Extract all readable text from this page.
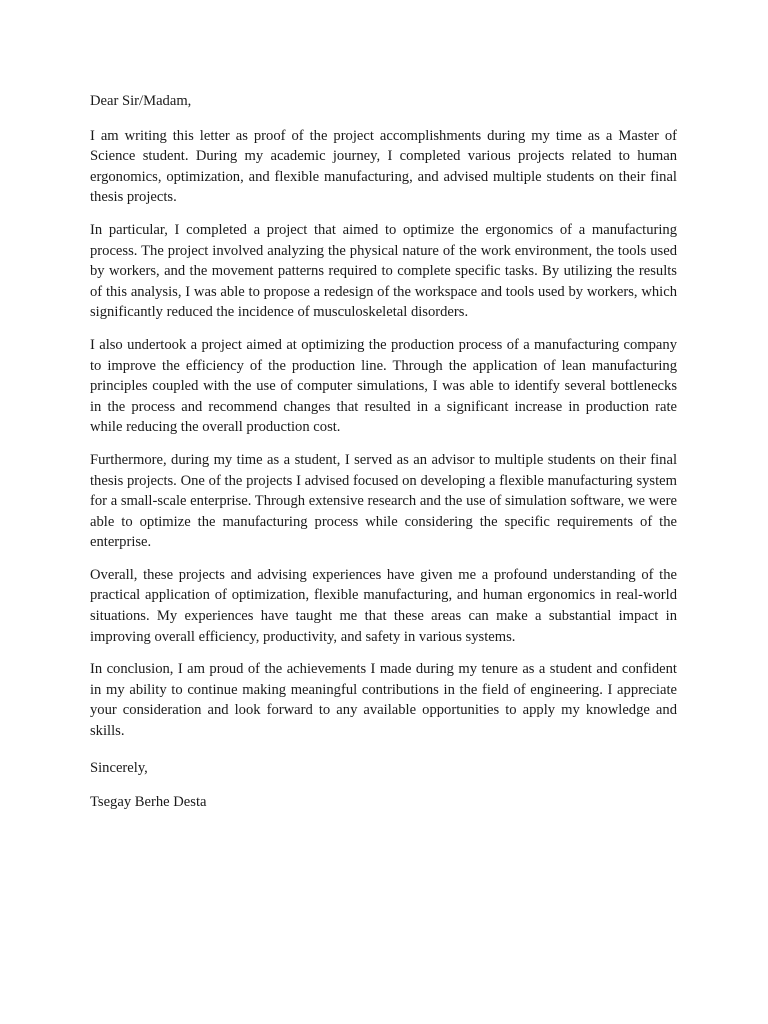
Dear Sir/Madam,

I am writing this letter as proof of the project accomplishments during my time as a Master of Science student. During my academic journey, I completed various projects related to human ergonomics, optimization, and flexible manufacturing, and advised multiple students on their final thesis projects.

In particular, I completed a project that aimed to optimize the ergonomics of a manufacturing process. The project involved analyzing the physical nature of the work environment, the tools used by workers, and the movement patterns required to complete specific tasks. By utilizing the results of this analysis, I was able to propose a redesign of the workspace and tools used by workers, which significantly reduced the incidence of musculoskeletal disorders.

I also undertook a project aimed at optimizing the production process of a manufacturing company to improve the efficiency of the production line. Through the application of lean manufacturing principles coupled with the use of computer simulations, I was able to identify several bottlenecks in the process and recommend changes that resulted in a significant increase in production rate while reducing the overall production cost.

Furthermore, during my time as a student, I served as an advisor to multiple students on their final thesis projects. One of the projects I advised focused on developing a flexible manufacturing system for a small-scale enterprise. Through extensive research and the use of simulation software, we were able to optimize the manufacturing process while considering the specific requirements of the enterprise.

Overall, these projects and advising experiences have given me a profound understanding of the practical application of optimization, flexible manufacturing, and human ergonomics in real-world situations. My experiences have taught me that these areas can make a substantial impact in improving overall efficiency, productivity, and safety in various systems.

In conclusion, I am proud of the achievements I made during my tenure as a student and confident in my ability to continue making meaningful contributions in the field of engineering. I appreciate your consideration and look forward to any available opportunities to apply my knowledge and skills.

Sincerely,

Tsegay Berhe Desta
